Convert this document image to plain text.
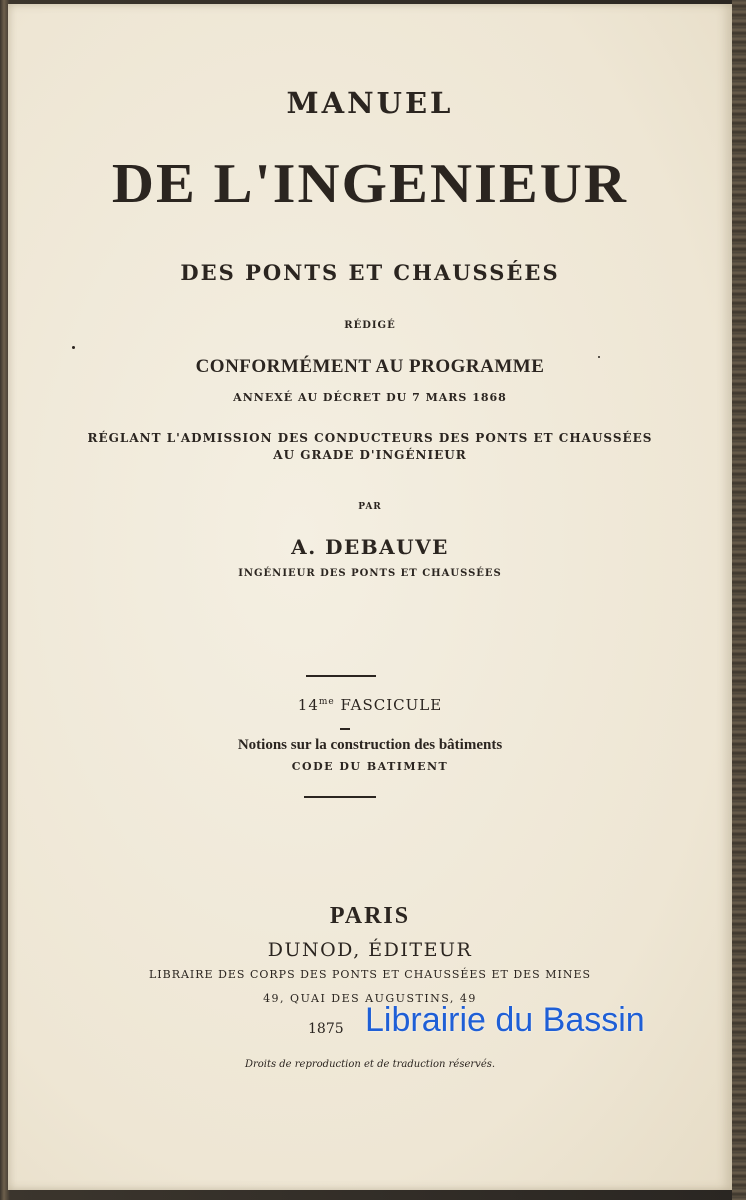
MANUEL
DE L'INGENIEUR
DES PONTS ET CHAUSSÉES
RÉDIGÉ
CONFORMÉMENT AU PROGRAMME
ANNEXÉ AU DÉCRET DU 7 MARS 1868
RÉGLANT L'ADMISSION DES CONDUCTEURS DES PONTS ET CHAUSSÉES
AU GRADE D'INGÉNIEUR
PAR
A. DEBAUVE
INGÉNIEUR DES PONTS ET CHAUSSÉES
$14^{me}$ FASCICULE
Notions sur la construction des bâtiments
CODE DU BATIMENT
PARIS
DUNOD, ÉDITEUR
LIBRAIRE DES CORPS DES PONTS ET CHAUSSÉES ET DES MINES
49, QUAI DES AUGUSTINS, 49
1875
Droits de reproduction et de traduction réservés.
Librairie du Bassin
